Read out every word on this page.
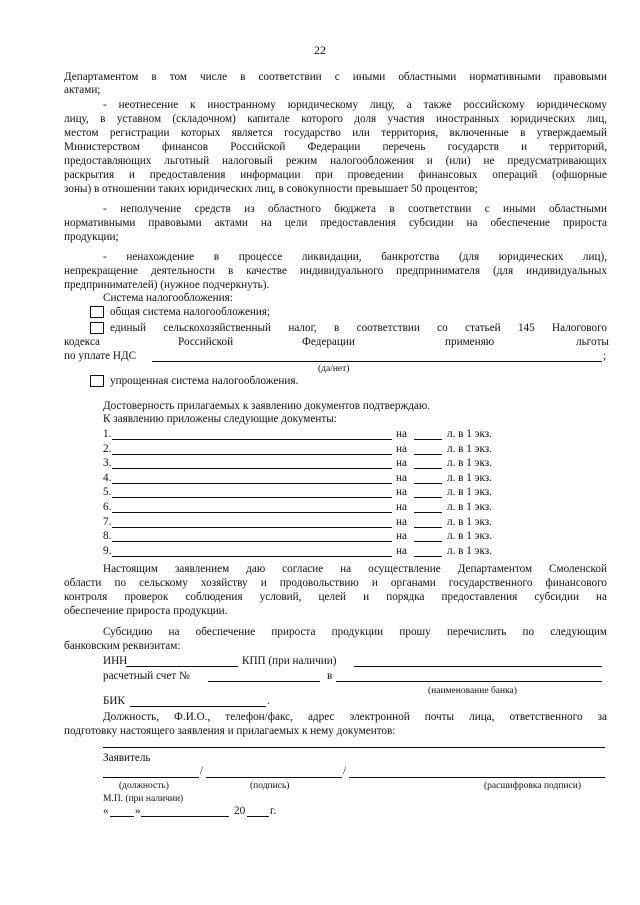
22
Департаментом в том числе в соответствии с иными областными нормативными правовыми
актами;
- неотнесение к иностранному юридическому лицу, а также российскому юридическому
лицу, в уставном (складочном) капитале которого доля участия иностранных юридических лиц,
местом регистрации которых является государство или территория, включенные в утверждаемый
Министерством финансов Российской Федерации перечень государств и территорий,
предоставляющих льготный налоговый режим налогообложения и (или) не предусматривающих
раскрытия и предоставления информации при проведении финансовых операций (офшорные
зоны) в отношении таких юридических лиц, в совокупности превышает 50 процентов;
- неполучение средств из областного бюджета в соответствии с иными областными
нормативными правовыми актами на цели предоставления субсидии на обеспечение прироста
продукции;
- ненахождение в процессе ликвидации, банкротства (для юридических лиц),
непрекращение деятельности в качестве индивидуального предпринимателя (для индивидуальных
предпринимателей) (нужное подчеркнуть).
Система налогообложения:
общая система налогообложения;
единый сельскохозяйственный налог, в соответствии со статьей 145 Налогового
кодекса	Российской	Федерации	применяю	льготы
по уплате НДС	;
(да/нет)
упрощенная система налогообложения.
Достоверность прилагаемых к заявлению документов подтверждаю.
К заявлению приложены следующие документы:
1.	на	л. в 1 экз.
2.	на	л. в 1 экз.
3.	на	л. в 1 экз.
4.	на	л. в 1 экз.
5.	на	л. в 1 экз.
6.	на	л. в 1 экз.
7.	на	л. в 1 экз.
8.	на	л. в 1 экз.
9.	на	л. в 1 экз.
Настоящим заявлением даю согласие на осуществление Департаментом Смоленской
области по сельскому хозяйству и продовольствию и органами государственного финансового
контроля проверок соблюдения условий, целей и порядка предоставления субсидии на
обеспечение прироста продукции.
Субсидию на обеспечение прироста продукции прошу перечислить по следующим
банковским реквизитам:
ИНН	КПП (при наличии)
расчетный счет №	в
(наименование банка)
БИК	.
Должность, Ф.И.О., телефон/факс, адрес электронной почты лица, ответственного за
подготовку настоящего заявления и прилагаемых к нему документов:
Заявитель
/	/
(должность)	(подпись)	(расшифровка подписи)
М.П. (при наличии)
« »	20 г.
